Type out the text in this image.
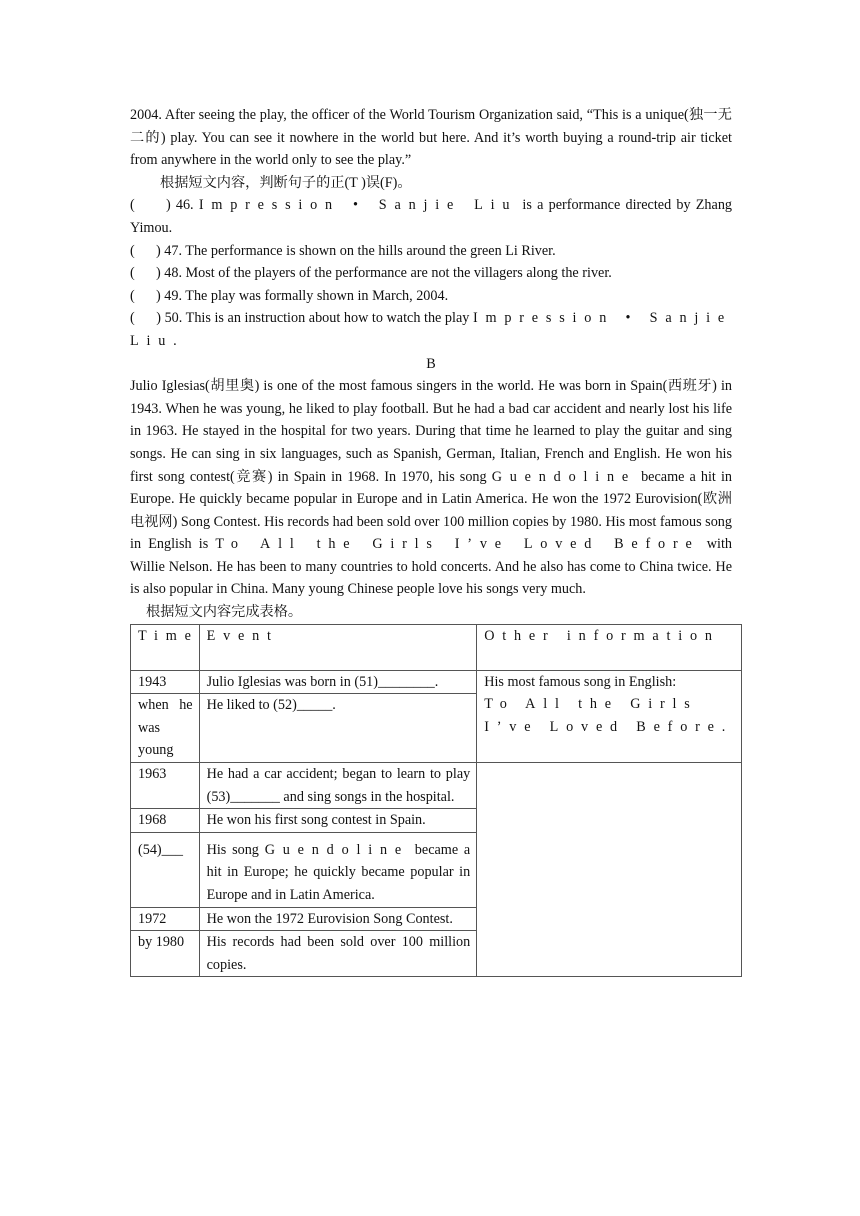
2004. After seeing the play, the officer of the World Tourism Organization said, “This is a unique(独一无二的) play. You can see it nowhere in the world but here. And it’s worth buying a round-trip air ticket from anywhere in the world only to see the play.”

根据短文内容，判断句子的正(T )误(F)。

(      ) 46. Impression • Sanjie Liu is a performance directed by Zhang Yimou.

(      ) 47. The performance is shown on the hills around the green Li River.

(      ) 48. Most of the players of the performance are not the villagers along the river.

(      ) 49. The play was formally shown in March, 2004.

(      ) 50. This is an instruction about how to watch the play Impression • Sanjie Liu.

B

Julio Iglesias(胡里奥) is one of the most famous singers in the world. He was born in Spain(西班牙) in 1943. When he was young, he liked to play football. But he had a bad car accident and nearly lost his life in 1963. He stayed in the hospital for two years. During that time he learned to play the guitar and sing songs. He can sing in six languages, such as Spanish, German, Italian, French and English. He won his first song contest(竞赛) in Spain in 1968. In 1970, his song Guendoline became a hit in Europe. He quickly became popular in Europe and in Latin America. He won the 1972 Eurovision(欧洲电视网) Song Contest. His records had been sold over 100 million copies by 1980. His most famous song in English is To All the Girls I’ve Loved Before with Willie Nelson. He has been to many countries to hold concerts. And he also has come to China twice. He is also popular in China. Many young Chinese people love his songs very much.

根据短文内容完成表格。

Time	Event	Other information
1943	Julio Iglesias was born in (51)________.	His most famous song in English:
To All the Girls I’ve Loved Before.
when he was young	He liked to (52)_____.	
1963	He had a car accident; began to learn to play (53)_______ and sing songs in the hospital.	
1968	He won his first song contest in Spain.	
(54)___	His song Guendoline became a hit in Europe; he quickly became popular in Europe and in Latin America.	
1972	He won the 1972 Eurovision Song Contest.	
by 1980	His records had been sold over 100 million copies.	
